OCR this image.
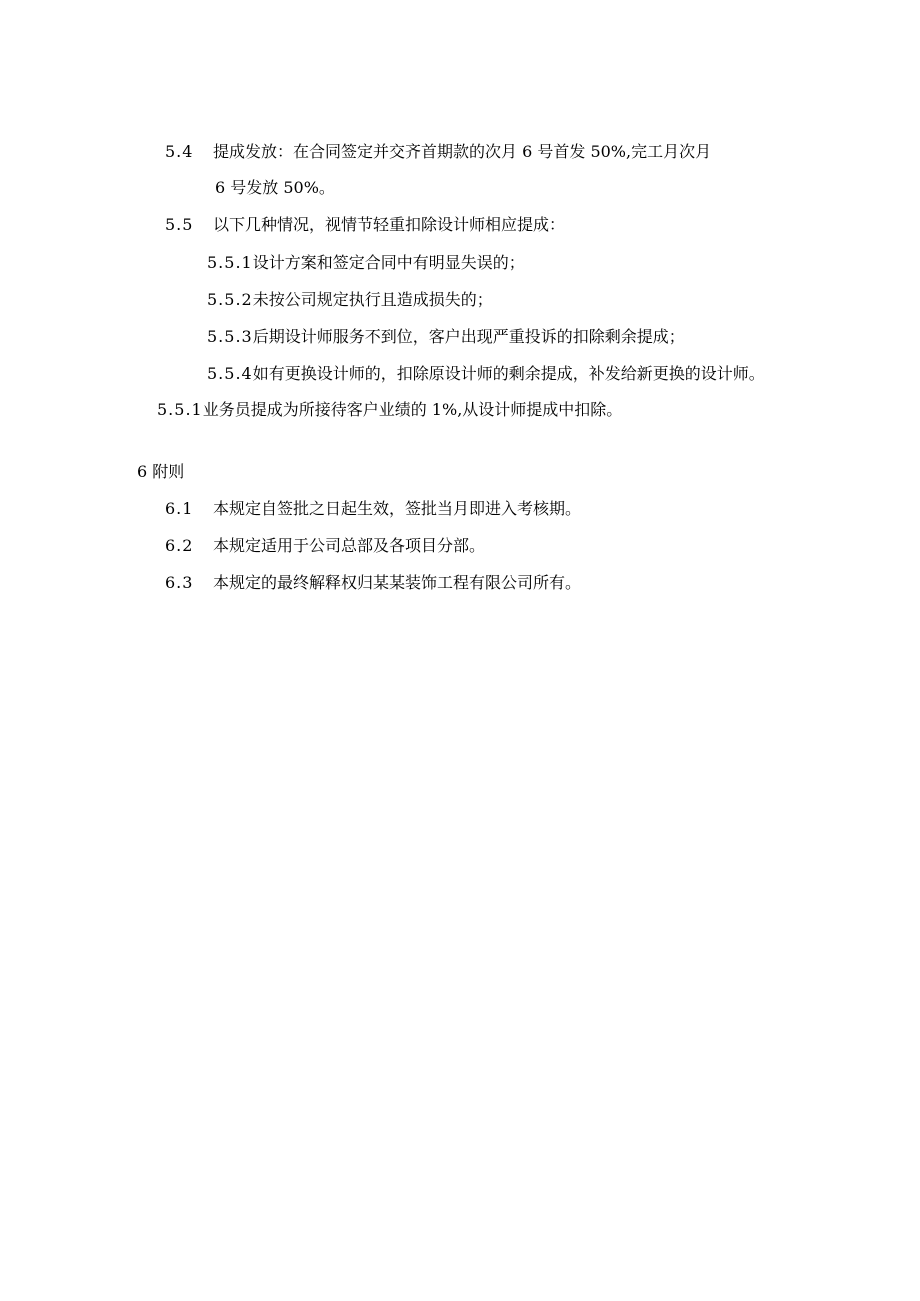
5.4 提成发放：在合同签定并交齐首期款的次月 6 号首发 50%,完工月次月
6 号发放 50%。
5.5 以下几种情况，视情节轻重扣除设计师相应提成：
5.5.1设计方案和签定合同中有明显失误的；
5.5.2未按公司规定执行且造成损失的；
5.5.3后期设计师服务不到位，客户出现严重投诉的扣除剩余提成；
5.5.4如有更换设计师的，扣除原设计师的剩余提成，补发给新更换的设计师。
5.5.1业务员提成为所接待客户业绩的 1%,从设计师提成中扣除。
6 附则
6.1 本规定自签批之日起生效，签批当月即进入考核期。
6.2 本规定适用于公司总部及各项目分部。
6.3 本规定的最终解释权归某某装饰工程有限公司所有。
